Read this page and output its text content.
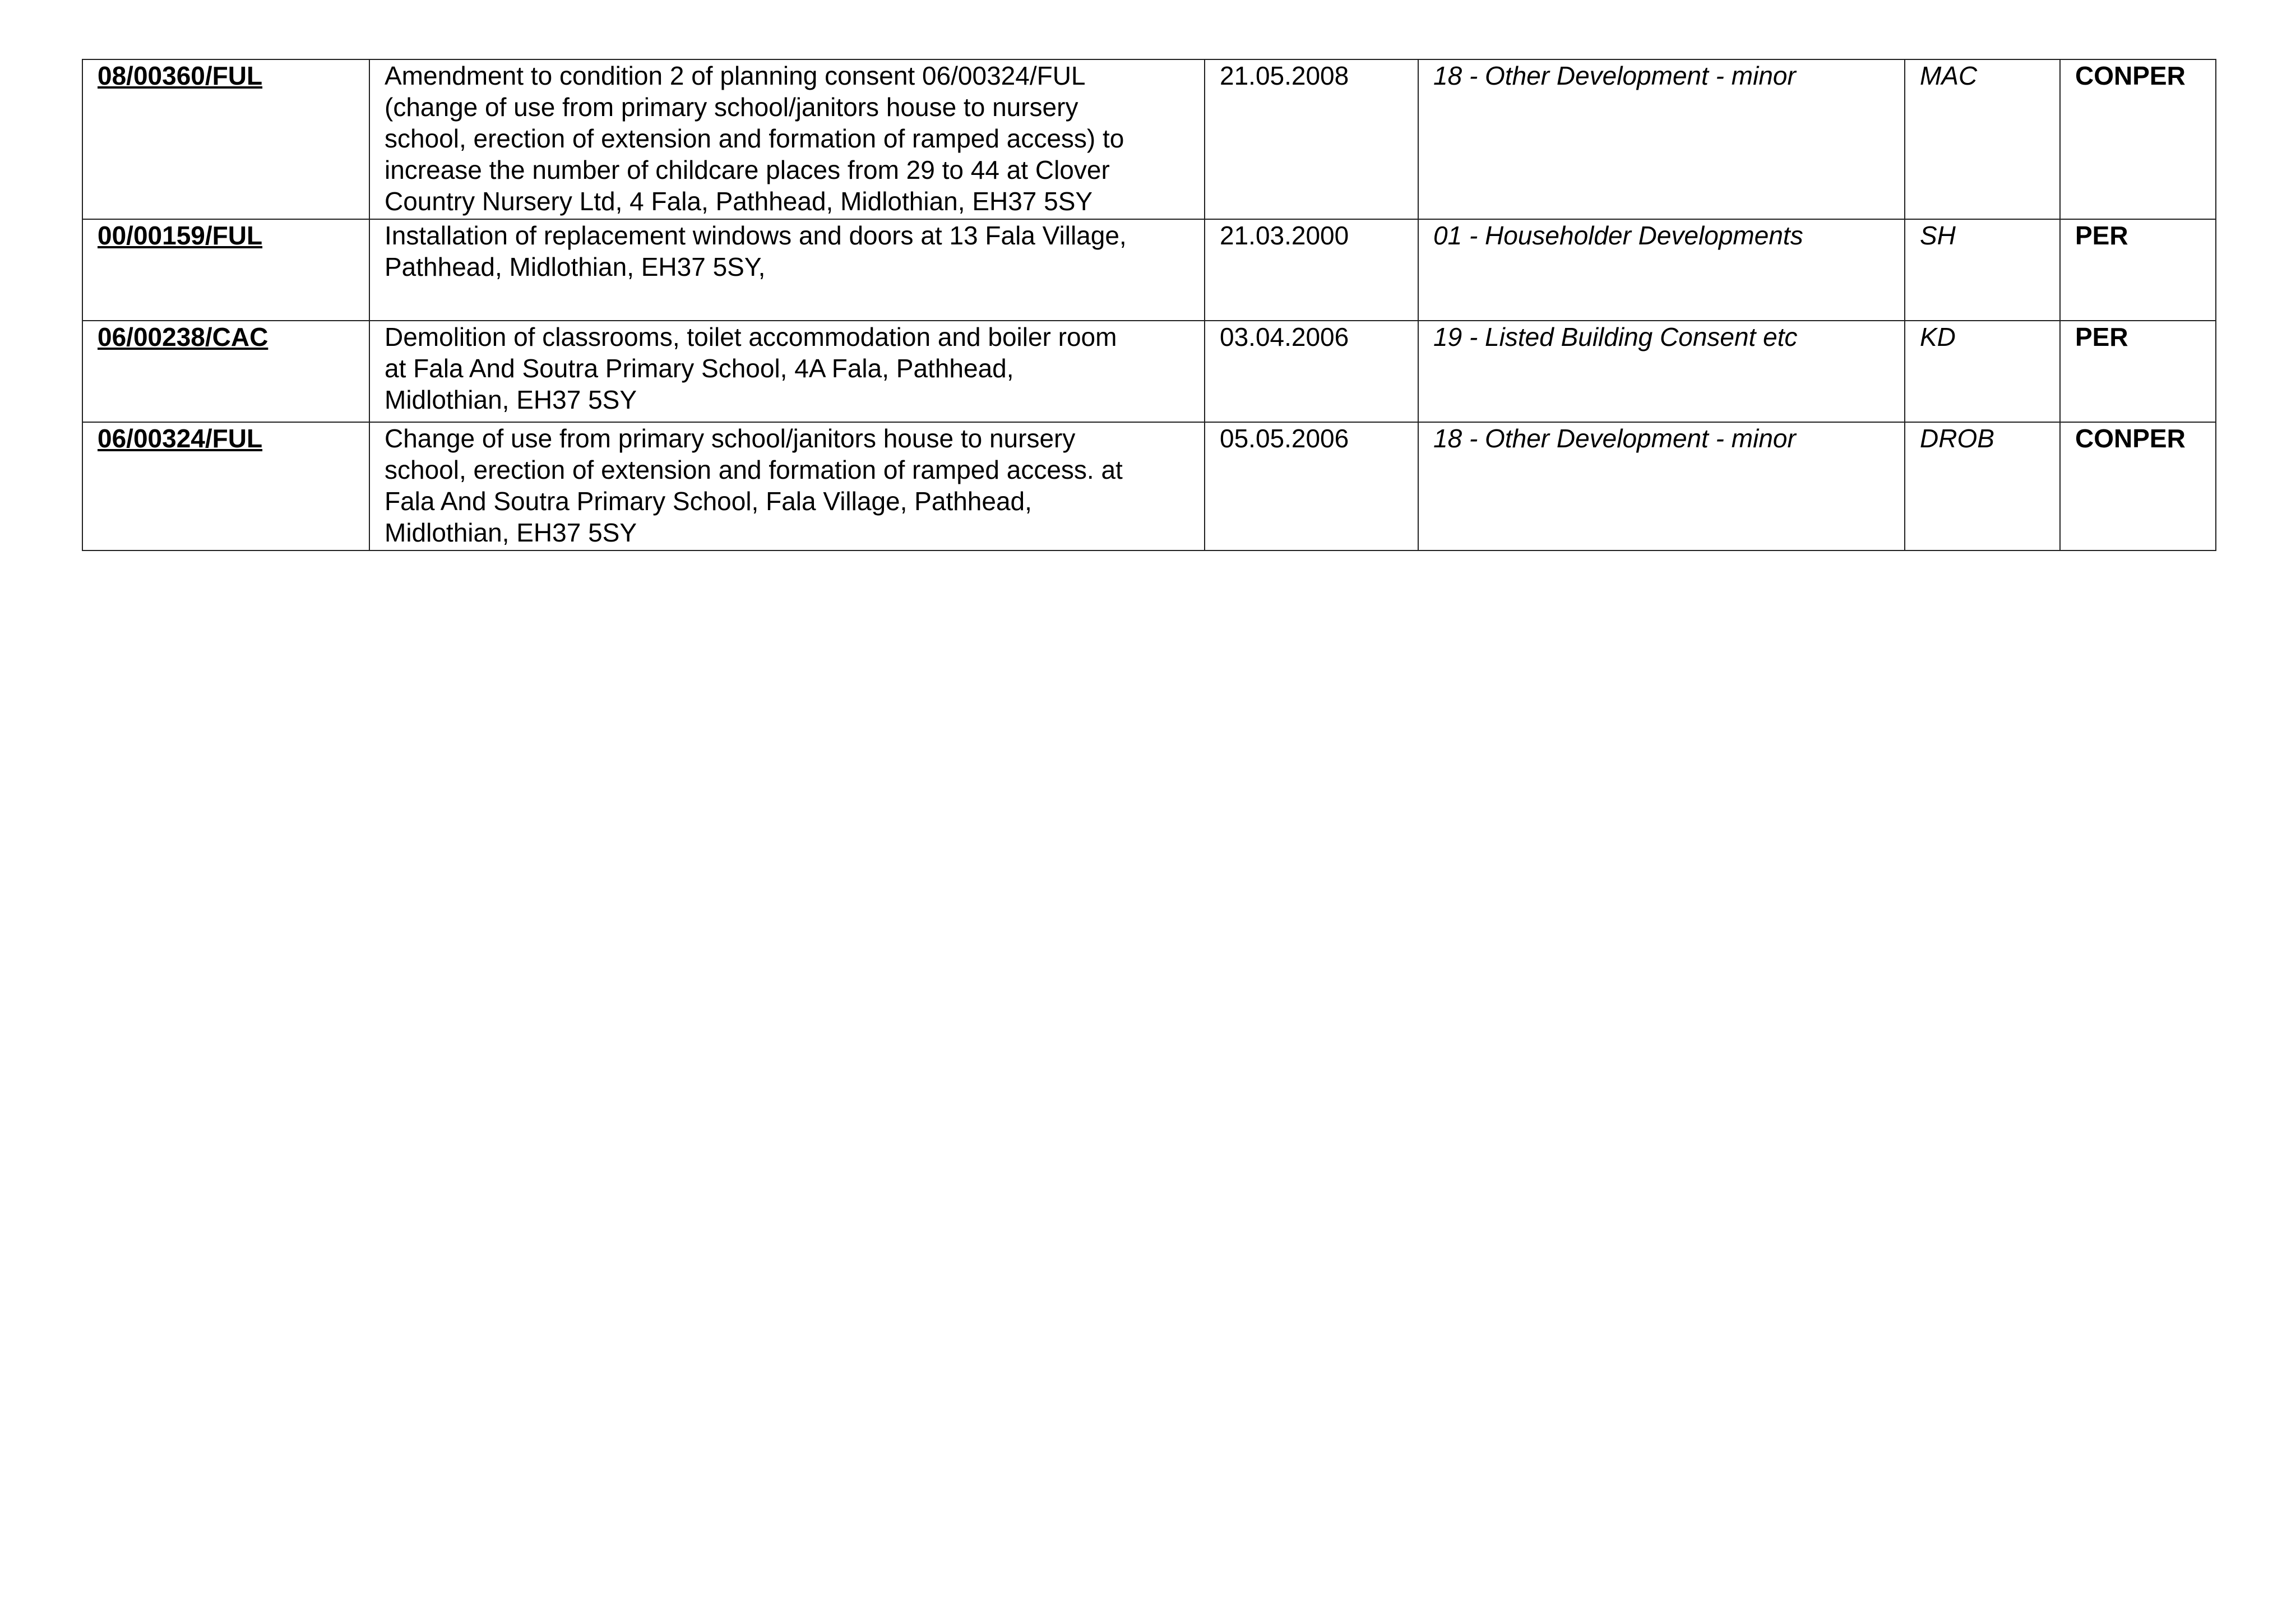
08/00360/FUL	Amendment to condition 2 of planning consent 06/00324/FUL
(change of use from primary school/janitors house to nursery
school, erection of extension and formation of ramped access) to
increase the number of childcare places from 29 to 44 at Clover
Country Nursery Ltd, 4 Fala, Pathhead, Midlothian, EH37 5SY	21.05.2008	18 - Other Development - minor	MAC	CONPER
00/00159/FUL	Installation of replacement windows and doors at 13 Fala Village,
Pathhead, Midlothian, EH37 5SY,	21.03.2000	01 - Householder Developments	SH	PER
06/00238/CAC	Demolition of classrooms, toilet accommodation and boiler room
at Fala And Soutra Primary School, 4A Fala, Pathhead,
Midlothian, EH37 5SY	03.04.2006	19 - Listed Building Consent etc	KD	PER
06/00324/FUL	Change of use from primary school/janitors house to nursery
school, erection of extension and formation of ramped access. at
Fala And Soutra Primary School, Fala Village, Pathhead,
Midlothian, EH37 5SY	05.05.2006	18 - Other Development - minor	DROB	CONPER
